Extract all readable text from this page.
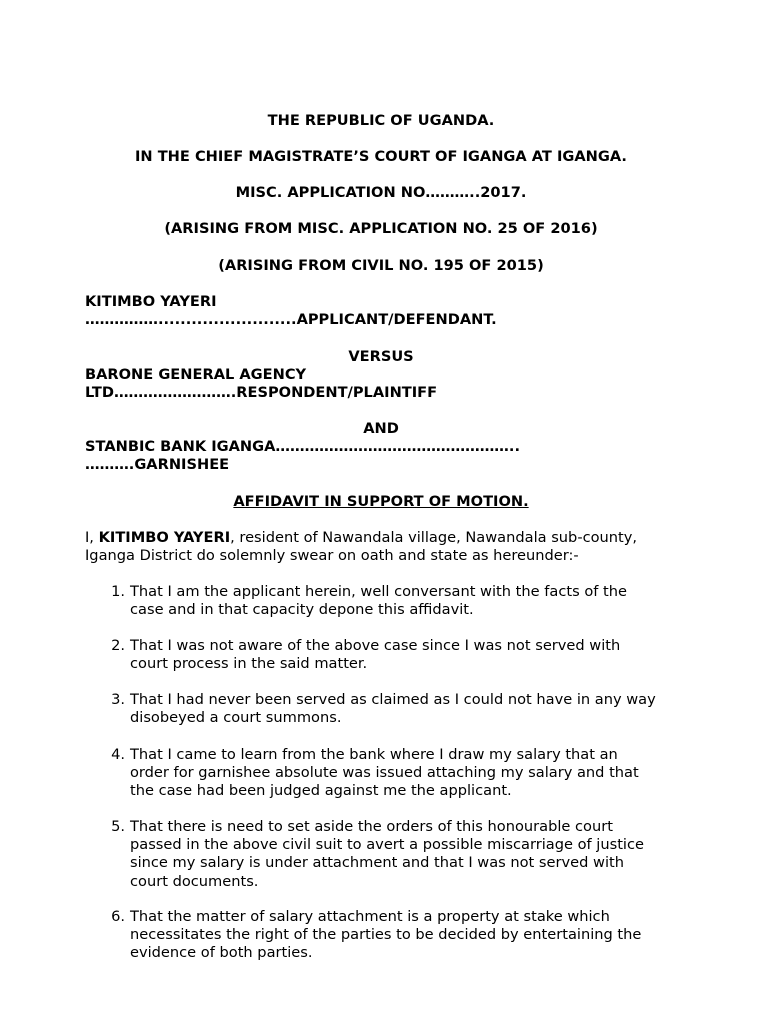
THE REPUBLIC OF UGANDA.
IN THE CHIEF MAGISTRATE’S COURT OF IGANGA AT IGANGA.
MISC. APPLICATION NO………..2017.
(ARISING FROM MISC. APPLICATION NO. 25 OF 2016)
(ARISING FROM CIVIL NO. 195 OF 2015)
KITIMBO YAYERI
…………….........................APPLICANT/DEFENDANT.
VERSUS
BARONE GENERAL AGENCY
LTD…………………….RESPONDENT/PLAINTIFF
AND
STANBIC BANK IGANGA…………………………………………..
……….GARNISHEE
AFFIDAVIT IN SUPPORT OF MOTION.
I, KITIMBO YAYERI, resident of Nawandala village, Nawandala sub-county,
Iganga District do solemnly swear on oath and state as hereunder:-
1. That I am the applicant herein, well conversant with the facts of the
case and in that capacity depone this affidavit.
2. That I was not aware of the above case since I was not served with
court process in the said matter.
3. That I had never been served as claimed as I could not have in any way
disobeyed a court summons.
4. That I came to learn from the bank where I draw my salary that an
order for garnishee absolute was issued attaching my salary and that
the case had been judged against me the applicant.
5. That there is need to set aside the orders of this honourable court
passed in the above civil suit to avert a possible miscarriage of justice
since my salary is under attachment and that I was not served with
court documents.
6. That the matter of salary attachment is a property at stake which
necessitates the right of the parties to be decided by entertaining the
evidence of both parties.
